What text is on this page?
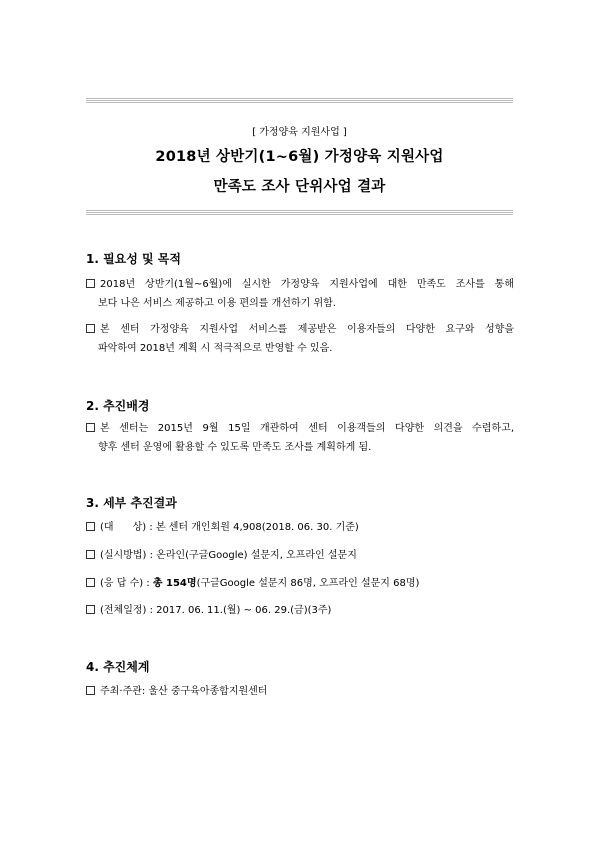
[ 가정양육 지원사업 ]
2018년 상반기(1~6월) 가정양육 지원사업
만족도 조사 단위사업 결과
1. 필요성 및 목적
2018년 상반기(1월~6월)에 실시한 가정양육 지원사업에 대한 만족도 조사를 통해
보다 나은 서비스 제공하고 이용 편의를 개선하기 위함.
본 센터 가정양육 지원사업 서비스를 제공받은 이용자들의 다양한 요구와 성향을
파악하여 2018년 계획 시 적극적으로 반영할 수 있음.
2. 추진배경
본 센터는 2015년 9월 15일 개관하여 센터 이용객들의 다양한 의견을 수렴하고,
향후 센터 운영에 활용할 수 있도록 만족도 조사를 계획하게 됨.
3. 세부 추진결과
(대      상) : 본 센터 개인회원 4,908(2018. 06. 30. 기준)
(실시방법) : 온라인(구글Google) 설문지, 오프라인 설문지
(응 답 수) : 총 154명(구글Google 설문지 86명, 오프라인 설문지 68명)
(전체일정) : 2017. 06. 11.(월) ~ 06. 29.(금)(3주)
4. 추진체계
주최·주관: 울산 중구육아종합지원센터
